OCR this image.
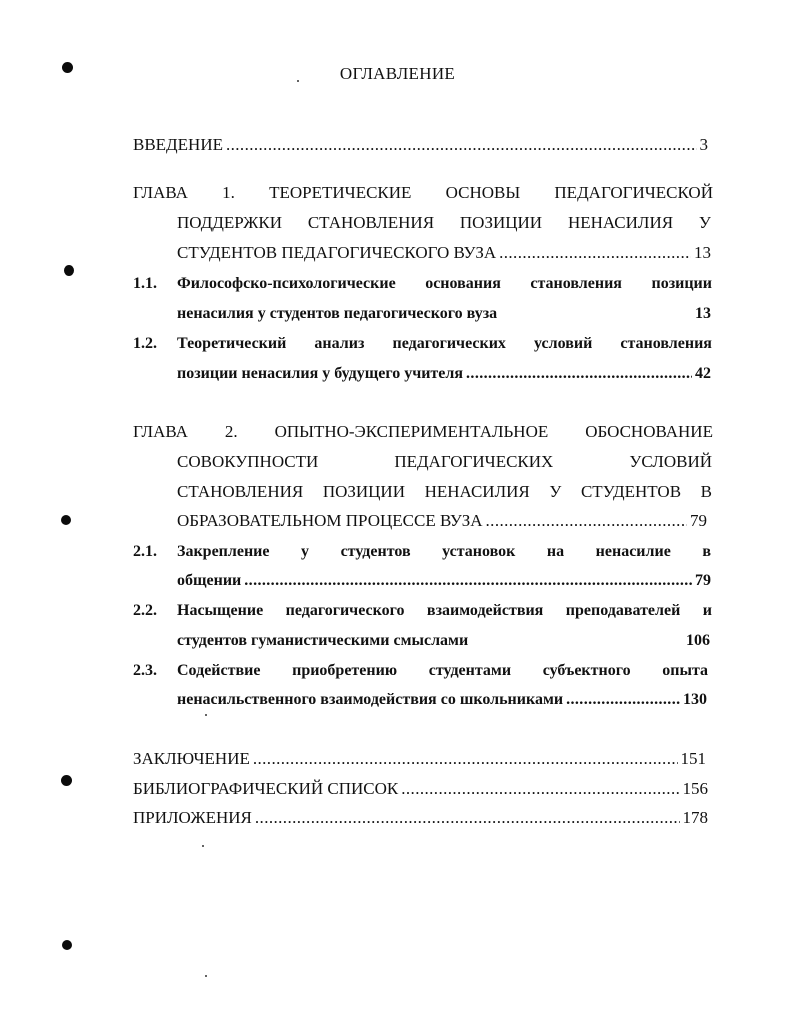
ОГЛАВЛЕНИЕ
ВВЕДЕНИЕ .....	3
ГЛАВА 1. ТЕОРЕТИЧЕСКИЕ ОСНОВЫ ПЕДАГОГИЧЕСКОЙ
ПОДДЕРЖКИ СТАНОВЛЕНИЯ ПОЗИЦИИ НЕНАСИЛИЯ У
СТУДЕНТОВ ПЕДАГОГИЧЕСКОГО ВУЗА .....	13
1.1. Философско-психологические основания становления позиции
ненасилия у студентов педагогического вуза	13
1.2. Теоретический анализ педагогических условий становления
позиции ненасилия у будущего учителя .....	42
ГЛАВА 2. ОПЫТНО-ЭКСПЕРИМЕНТАЛЬНОЕ ОБОСНОВАНИЕ
СОВОКУПНОСТИ	ПЕДАГОГИЧЕСКИХ	УСЛОВИЙ
СТАНОВЛЕНИЯ ПОЗИЦИИ НЕНАСИЛИЯ У СТУДЕНТОВ В
ОБРАЗОВАТЕЛЬНОМ ПРОЦЕССЕ ВУЗА .....	79
2.1. Закрепление у студентов установок на ненасилие в
общении .....	79
2.2. Насыщение педагогического взаимодействия преподавателей и
студентов гуманистическими смыслами	106
2.3. Содействие приобретению студентами субъектного опыта
ненасильственного взаимодействия со школьниками .....	130
ЗАКЛЮЧЕНИЕ .....	151
БИБЛИОГРАФИЧЕСКИЙ СПИСОК .....	156
ПРИЛОЖЕНИЯ .....	178
